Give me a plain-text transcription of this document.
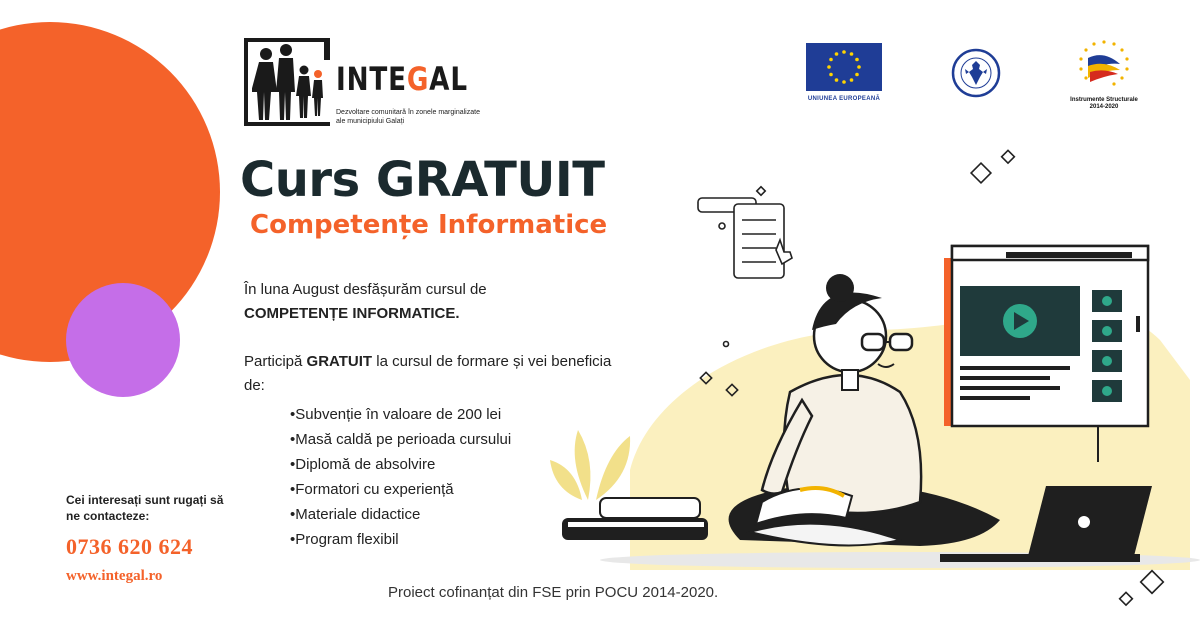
INTEGAL
Dezvoltare comunitară în zonele marginalizate
ale municipiului Galați
UNIUNEA EUROPEANĂ	Instrumente Structurale
2014-2020
Curs GRATUIT
Competențe Informatice

În luna August desfășurăm cursul de
COMPETENȚE INFORMATICE.

Participă GRATUIT la cursul de formare și vei beneficia de:

•Subvenție în valoare de 200 lei
•Masă caldă pe perioada cursului
•Diplomă de absolvire
•Formatori cu experiență
•Materiale didactice
•Program flexibil
Cei interesați sunt rugați să ne contacteze:
0736 620 624
www.integal.ro
Proiect cofinanțat din FSE prin POCU 2014-2020.
